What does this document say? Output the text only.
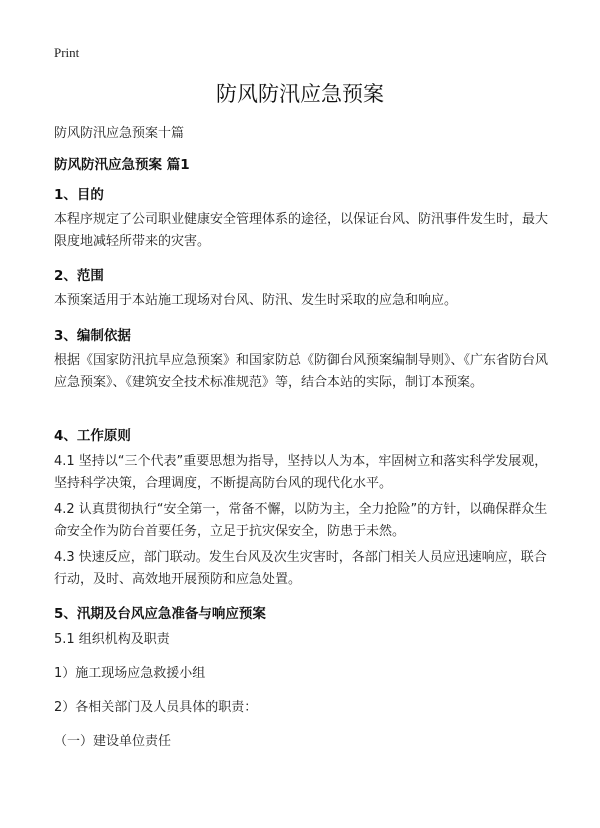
Print
防风防汛应急预案
防风防汛应急预案十篇
防风防汛应急预案 篇1
1、目的
本程序规定了公司职业健康安全管理体系的途径，以保证台风、防汛事件发生时，最大限度地减轻所带来的灾害。
2、范围
本预案适用于本站施工现场对台风、防汛、发生时采取的应急和响应。
3、编制依据
根据《国家防汛抗旱应急预案》和国家防总《防御台风预案编制导则》、《广东省防台风应急预案》、《建筑安全技术标准规范》等，结合本站的实际，制订本预案。
4、工作原则
4.1 坚持以“三个代表”重要思想为指导，坚持以人为本，牢固树立和落实科学发展观，坚持科学决策，合理调度，不断提高防台风的现代化水平。
4.2 认真贯彻执行“安全第一，常备不懈，以防为主，全力抢险”的方针，以确保群众生命安全作为防台首要任务，立足于抗灾保安全，防患于未然。
4.3 快速反应，部门联动。发生台风及次生灾害时，各部门相关人员应迅速响应，联合行动，及时、高效地开展预防和应急处置。
5、汛期及台风应急准备与响应预案
5.1 组织机构及职责
1）施工现场应急救援小组
2）各相关部门及人员具体的职责：
（一）建设单位责任
